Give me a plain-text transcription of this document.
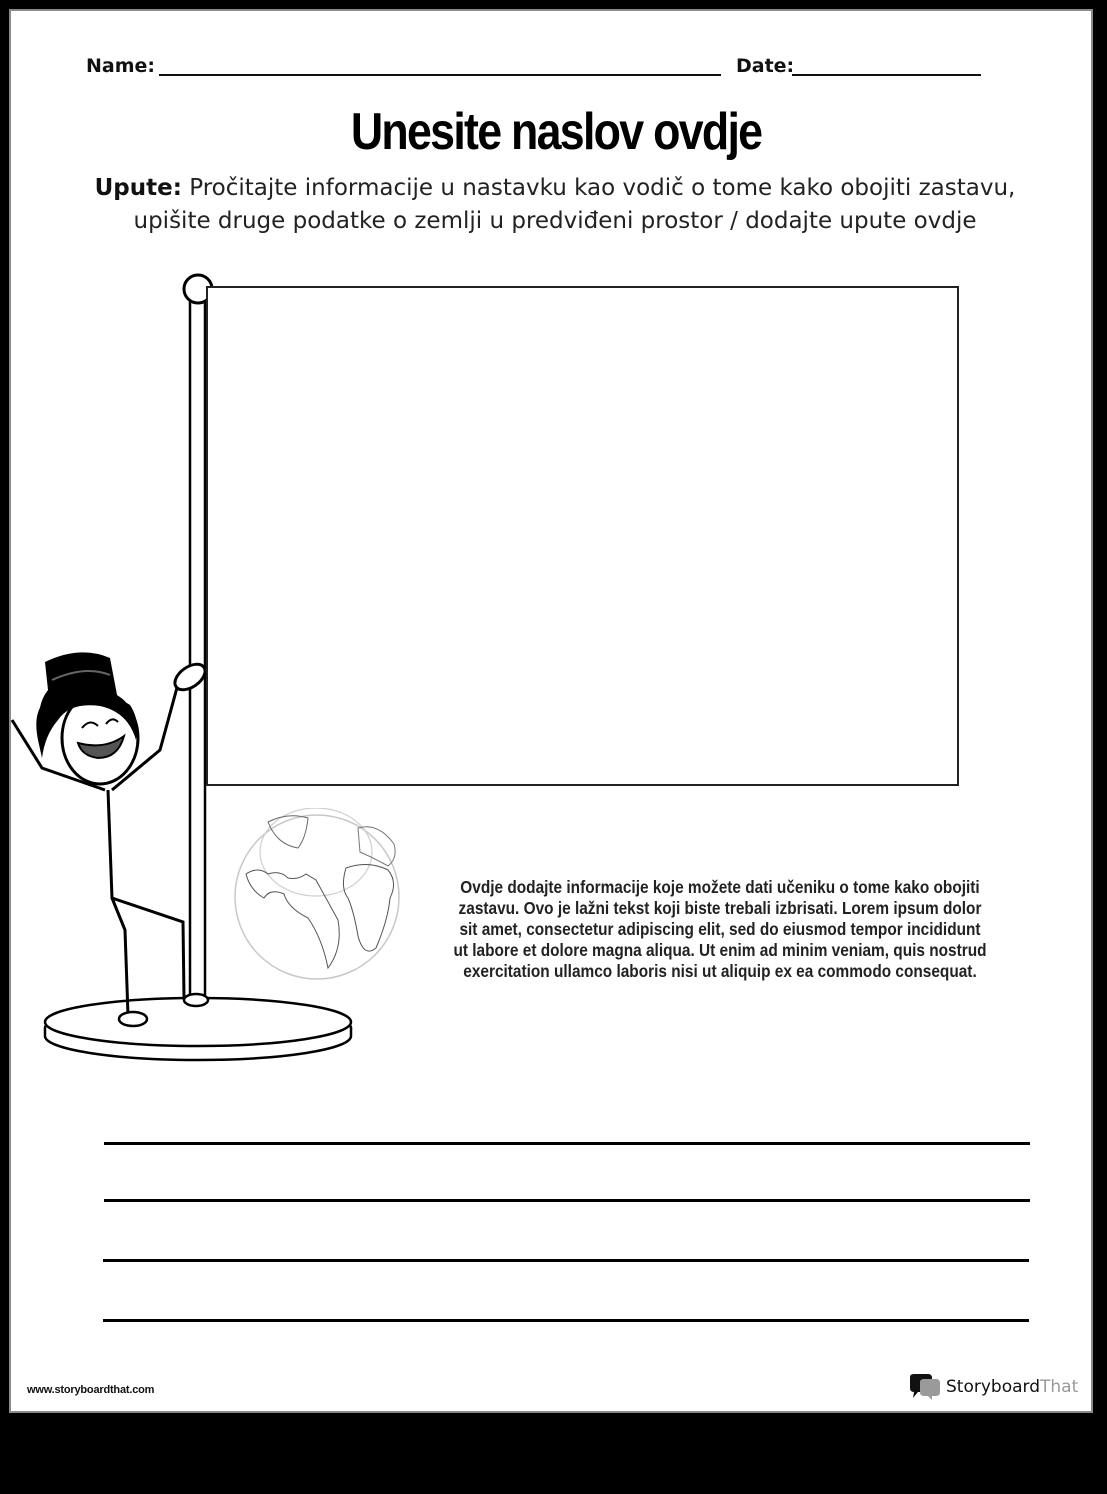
Name:	Date:
Unesite naslov ovdje
Upute: Pročitajte informacije u nastavku kao vodič o tome kako obojiti zastavu, upišite druge podatke o zemlji u predviđeni prostor / dodajte upute ovdje
Ovdje dodajte informacije koje možete dati učeniku o tome kako obojiti zastavu. Ovo je lažni tekst koji biste trebali izbrisati. Lorem ipsum dolor sit amet, consectetur adipiscing elit, sed do eiusmod tempor incididunt ut labore et dolore magna aliqua. Ut enim ad minim veniam, quis nostrud exercitation ullamco laboris nisi ut aliquip ex ea commodo consequat.
www.storyboardthat.com	StoryboardThat
